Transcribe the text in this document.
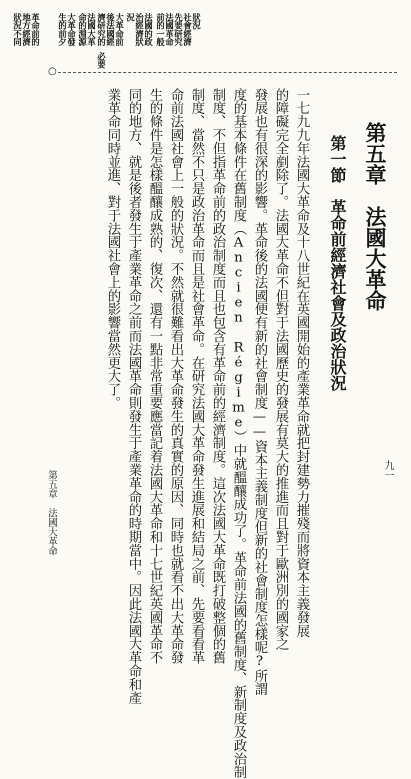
法國大革
命的淵源
大革命發
生的前夕	法國的政
治經濟狀
況
大革命前
後法國經
濟研究的
必要
先要研究
法國革命
前的一般 社會經濟 狀況
革命前的
地方經濟
狀況不同
○
第五章　法國大革命
第一節　革命前經濟社會及政治狀況
一七九九年法國大革命及十八世紀在英國開始的產業革命就把封建勢力摧殘而將資本主義發展
的障礙完全剷除了。法國大革命不但對于法國歷史的發展有莫大的推進而且對于歐洲別的國家之
發展也有很深的影響。革命後的法國便有新的社會制度——資本主義制度但新的社會制度怎樣呢?所謂
度的基本條件在舊制度（Ancien Régime）中就醞釀成功了。革命前法國的舊制度、新制度及政治制
制度、不但指革命前的政治制度而且也包含有革命前的經濟制度。這次法國大革命既打破整個的舊
制度、當然不只是政治革命而且是社會革命。在研究法國大革命發生進展和結局之前、先要看看革
命前法國社會上一般的狀況。不然就很難看出大革命發生的真實的原因、同時也就看不出大革命發
生的條件是怎樣醞釀成熟的、復次、還有一點非常重要應當記着法國大革命和十七世紀英國革命不
同的地方、就是後者發生于產業革命之前而法國革命則發生于產業革命的時期當中。因此法國大革命和產
業革命同時並進、對于法國社會上的影響當然更大了。
第五章　法國大革命	九一
